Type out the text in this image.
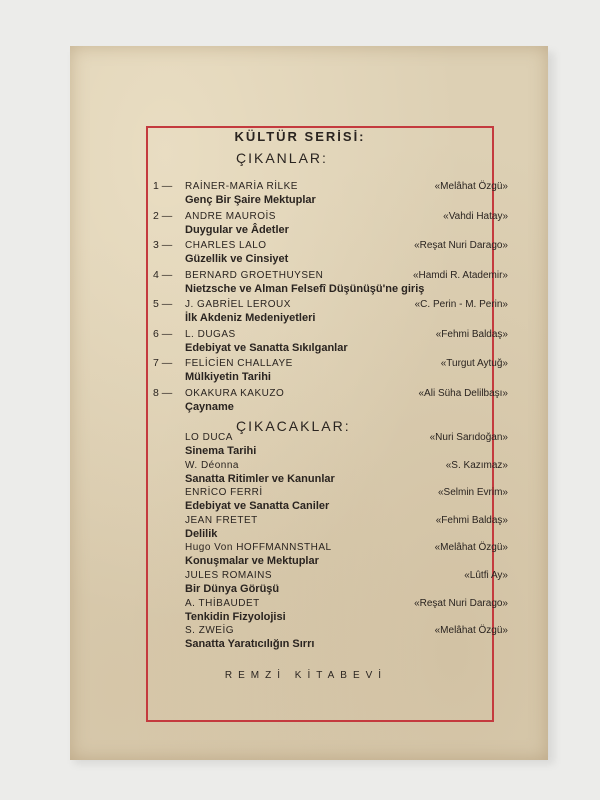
KÜLTÜR SERİSİ:
ÇIKANLAR:
1 — RAİNER-MARİA RİLKE	«Melâhat Özgü»
Genç Bir Şaire Mektuplar
2 — ANDRE MAUROİS	«Vahdi Hatay»
Duygular ve Âdetler
3 — CHARLES LALO	«Reşat Nuri Darago»
Güzellik ve Cinsiyet
4 — BERNARD GROETHUYSEN	«Hamdi R. Atademir»
Nietzsche ve Alman Felsefî Düşünüşü'ne giriş
5 — J. GABRİEL LEROUX	«C. Perin - M. Perin»
İlk Akdeniz Medeniyetleri
6 — L. DUGAS	«Fehmi Baldaş»
Edebiyat ve Sanatta Sıkılganlar
7 — FELİCİEN CHALLAYE	«Turgut Aytuğ»
Mülkiyetin Tarihi
8 — OKAKURA KAKUZO	«Ali Süha Delilbaşı»
Çayname
ÇIKACAKLAR:
LO DUCA	«Nuri Sarıdoğan»
Sinema Tarihi
W. Déonna	«S. Kazımaz»
Sanatta Ritimler ve Kanunlar
ENRİCO FERRİ	«Selmin Evrim»
Edebiyat ve Sanatta Caniler
JEAN FRETET	«Fehmi Baldaş»
Delilik
Hugo Von HOFFMANNSTHAL	«Melâhat Özgü»
Konuşmalar ve Mektuplar
JULES ROMAINS	«Lûtfi Ay»
Bir Dünya Görüşü
A. THİBAUDET	«Reşat Nuri Darago»
Tenkidin Fizyolojisi
S. ZWEİG	«Melâhat Özgü»
Sanatta Yaratıcılığın Sırrı
REMZİ KİTABEVİ
